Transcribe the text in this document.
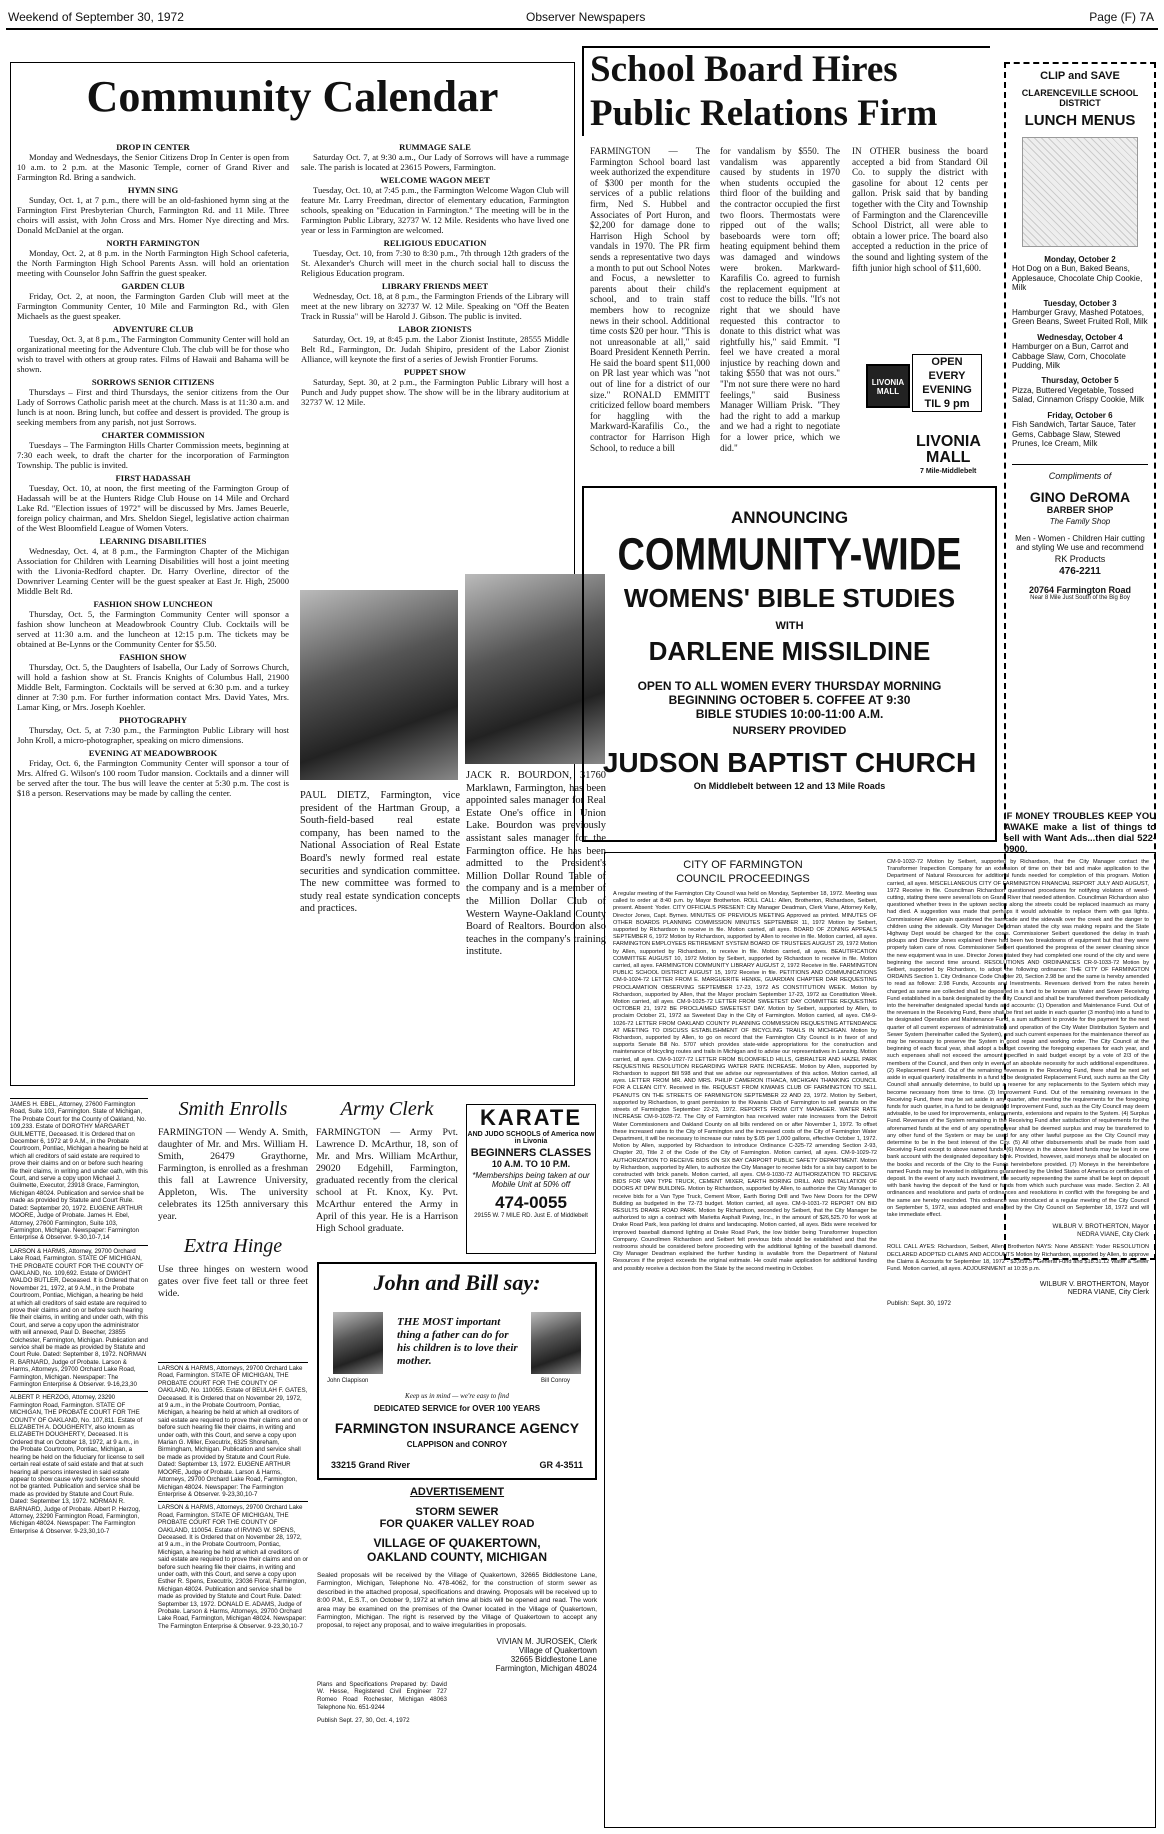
Weekend of September 30, 1972	Observer Newspapers	Page (F) 7A
Community Calendar
DROP IN CENTER

Monday and Wednesdays, the Senior Citizens Drop In Center is open from 10 a.m. to 2 p.m. at the Masonic Temple, corner of Grand River and Farmington Rd. Bring a sandwich.

HYMN SING

Sunday, Oct. 1, at 7 p.m., there will be an old-fashioned hymn sing at the Farmington First Presbyterian Church, Farmington Rd. and 11 Mile. Three choirs will assist, with John Cross and Mrs. Homer Nye directing and Mrs. Donald McDaniel at the organ.

NORTH FARMINGTON

Monday, Oct. 2, at 8 p.m. in the North Farmington High School cafeteria, the North Farmington High School Parents Assn. will hold an orientation meeting with Counselor John Saffrin the guest speaker.

GARDEN CLUB

Friday, Oct. 2, at noon, the Farmington Garden Club will meet at the Farmington Community Center, 10 Mile and Farmington Rd., with Glen Michaels as the guest speaker.

ADVENTURE CLUB

Tuesday, Oct. 3, at 8 p.m., The Farmington Community Center will hold an organizational meeting for the Adventure Club. The club will be for those who wish to travel with others at group rates. Films of Hawaii and Bahama will be shown.

SORROWS SENIOR CITIZENS

Thursdays – First and third Thursdays, the senior citizens from the Our Lady of Sorrows Catholic parish meet at the church. Mass is at 11:30 a.m. and lunch is at noon. Bring lunch, but coffee and dessert is provided. The group is seeking members from any parish, not just Sorrows.

CHARTER COMMISSION

Tuesdays – The Farmington Hills Charter Commission meets, beginning at 7:30 each week, to draft the charter for the incorporation of Farmington Township. The public is invited.

FIRST HADASSAH

Tuesday, Oct. 10, at noon, the first meeting of the Farmington Group of Hadassah will be at the Hunters Ridge Club House on 14 Mile and Orchard Lake Rd. "Election issues of 1972" will be discussed by Mrs. James Beuerle, foreign policy chairman, and Mrs. Sheldon Siegel, legislative action chairman of the West Bloomfield League of Women Voters.

LEARNING DISABILITIES

Wednesday, Oct. 4, at 8 p.m., the Farmington Chapter of the Michigan Association for Children with Learning Disabilities will host a joint meeting with the Livonia-Redford chapter. Dr. Harry Overline, director of the Downriver Learning Center will be the guest speaker at East Jr. High, 25000 Middle Belt Rd.

FASHION SHOW LUNCHEON

Thursday, Oct. 5, the Farmington Community Center will sponsor a fashion show luncheon at Meadowbrook Country Club. Cocktails will be served at 11:30 a.m. and the luncheon at 12:15 p.m. The tickets may be obtained at Be-Lynns or the Community Center for $5.50.

FASHION SHOW

Thursday, Oct. 5, the Daughters of Isabella, Our Lady of Sorrows Church, will hold a fashion show at St. Francis Knights of Columbus Hall, 21900 Middle Belt, Farmington. Cocktails will be served at 6:30 p.m. and a turkey dinner at 7:30 p.m. For further information contact Mrs. David Yates, Mrs. Lamar King, or Mrs. Joseph Koehler.

PHOTOGRAPHY

Thursday, Oct. 5, at 7:30 p.m., the Farmington Public Library will host John Kroll, a micro-photographer, speaking on micro dimensions.

EVENING AT MEADOWBROOK

Friday, Oct. 6, the Farmington Community Center will sponsor a tour of Mrs. Alfred G. Wilson's 100 room Tudor mansion. Cocktails and a dinner will be served after the tour. The bus will leave the center at 5:30 p.m. The cost is $18 a person. Reservations may be made by calling the center.

RUMMAGE SALE

Saturday Oct. 7, at 9:30 a.m., Our Lady of Sorrows will have a rummage sale. The parish is located at 23615 Powers, Farmington.

WELCOME WAGON MEET

Tuesday, Oct. 10, at 7:45 p.m., the Farmington Welcome Wagon Club will feature Mr. Larry Freedman, director of elementary education, Farmington schools, speaking on "Education in Farmington." The meeting will be in the Farmington Public Library, 32737 W. 12 Mile. Residents who have lived one year or less in Farmington are welcomed.

RELIGIOUS EDUCATION

Tuesday, Oct. 10, from 7:30 to 8:30 p.m., 7th through 12th graders of the St. Alexander's Church will meet in the church social hall to discuss the Religious Education program.

LIBRARY FRIENDS MEET

Wednesday, Oct. 18, at 8 p.m., the Farmington Friends of the Library will meet at the new library on 32737 W. 12 Mile. Speaking on "Off the Beaten Track in Russia" will be Harold J. Gibson. The public is invited.

LABOR ZIONISTS

Saturday, Oct. 19, at 8:45 p.m. the Labor Zionist Institute, 28555 Middle Belt Rd., Farmington, Dr. Judah Shipiro, president of the Labor Zionist Alliance, will keynote the first of a series of Jewish Frontier Forums.

PUPPET SHOW

Saturday, Sept. 30, at 2 p.m., the Farmington Public Library will host a Punch and Judy puppet show. The show will be in the library auditorium at 32737 W. 12 Mile.

PAUL DIETZ, Farmington, vice president of the Hartman Group, a South-field-based real estate company, has been named to the National Association of Real Estate Board's newly formed real estate securities and syndication committee. The new committee was formed to study real estate syndication concepts and practices.
JACK R. BOURDON, 31760 Marklawn, Farmington, has been appointed sales manager for Real Estate One's office in Union Lake. Bourdon was previously assistant sales manager for the Farmington office. He has been admitted to the President's Million Dollar Round Table of the company and is a member of the Million Dollar Club of Western Wayne-Oakland County Board of Realtors. Bourdon also teaches in the company's training institute.
School Board Hires
Public Relations Firm
FARMINGTON — The Farmington School board last week authorized the expenditure of $300 per month for the services of a public relations firm, Ned S. Hubbel and Associates of Port Huron, and $2,200 for damage done to Harrison High School by vandals in 1970. The PR firm sends a representative two days a month to put out School Notes and Focus, a newsletter to parents about their child's school, and to train staff members how to recognize news in their school. Additional time costs $20 per hour. "This is not unreasonable at all," said Board President Kenneth Perrin. He said the board spent $11,000 on PR last year which was "not out of line for a district of our size." RONALD EMMITT criticized fellow board members for haggling with the Markward-Karafilis Co., the contractor for Harrison High School, to reduce a bill
for vandalism by $550. The vandalism was apparently caused by students in 1970 when students occupied the third floor of the building and the contractor occupied the first two floors. Thermostats were ripped out of the walls; baseboards were torn off; heating equipment behind them was damaged and windows were broken. Markward-Karafilis Co. agreed to furnish the replacement equipment at cost to reduce the bills. "It's not right that we should have requested this contractor to donate to this district what was rightfully his," said Emmit. "I feel we have created a moral injustice by reaching down and taking $550 that was not ours." "I'm not sure there were no hard feelings," said Business Manager William Prisk. "They had the right to add a markup and we had a right to negotiate for a lower price, which we did."
IN OTHER business the board accepted a bid from Standard Oil Co. to supply the district with gasoline for about 12 cents per gallon. Prisk said that by banding together with the City and Township of Farmington and the Clarenceville School District, all were able to obtain a lower price. The board also accepted a reduction in the price of the sound and lighting system of the fifth junior high school of $11,600.
OPEN
EVERY
EVENING
TIL 9 pm
LIVONIA MALL
LIVONIA
MALL
7 Mile-Middlebelt
CLIP and SAVE
CLARENCEVILLE SCHOOL DISTRICT
LUNCH MENUS
Monday, October 2
Hot Dog on a Bun, Baked Beans, Applesauce, Chocolate Chip Cookie, Milk
Tuesday, October 3
Hamburger Gravy, Mashed Potatoes, Green Beans, Sweet Fruited Roll, Milk
Wednesday, October 4
Hamburger on a Bun, Carrot and Cabbage Slaw, Corn, Chocolate Pudding, Milk
Thursday, October 5
Pizza, Buttered Vegetable, Tossed Salad, Cinnamon Crispy Cookie, Milk
Friday, October 6
Fish Sandwich, Tartar Sauce, Tater Gems, Cabbage Slaw, Stewed Prunes, Ice Cream, Milk
Compliments of
GINO DeROMA
BARBER SHOP
The Family Shop
Men - Women - Children Hair cutting and styling We use and recommend
RK Products
476-2211
20764 Farmington Road
Near 8 Mile Just South of the Big Boy
IF MONEY TROUBLES KEEP YOU AWAKE make a list of things to sell with Want Ads...then dial 522-0900.
ANNOUNCING
COMMUNITY-WIDE
WOMENS' BIBLE STUDIES
WITH
DARLENE MISSILDINE
OPEN TO ALL WOMEN EVERY THURSDAY MORNING
BEGINNING OCTOBER 5. COFFEE AT 9:30
BIBLE STUDIES 10:00-11:00 A.M.
NURSERY PROVIDED
JUDSON BAPTIST CHURCH
On Middlebelt between 12 and 13 Mile Roads

JAMES H. EBEL, Attorney, 27600 Farmington Road, Suite 103, Farmington. State of Michigan, The Probate Court for the County of Oakland, No. 109,233. Estate of DOROTHY MARGARET GUILMETTE, Deceased. It is Ordered that on December 6, 1972 at 9 A.M., in the Probate Courtroom, Pontiac, Michigan a hearing be held at which all creditors of said estate are required to prove their claims and on or before such hearing file their claims, in writing and under oath, with this Court, and serve a copy upon Michael J. Guilmette, Executor, 23918 Grace, Farmington, Michigan 48024. Publication and service shall be made as provided by Statute and Court Rule. Dated: September 20, 1972. EUGENE ARTHUR MOORE, Judge of Probate. James H. Ebel, Attorney, 27600 Farmington, Suite 103, Farmington, Michigan. Newspaper: Farmington Enterprise & Observer. 9-30,10-7,14

LARSON & HARMS, Attorney, 29700 Orchard Lake Road, Farmington. STATE OF MICHIGAN, THE PROBATE COURT FOR THE COUNTY OF OAKLAND, No. 109,692. Estate of DWIGHT WALDO BUTLER, Deceased. It is Ordered that on November 21, 1972, at 9 A.M., in the Probate Courtroom, Pontiac, Michigan, a hearing be held at which all creditors of said estate are required to prove their claims and on or before such hearing file their claims, in writing and under oath, with this Court, and serve a copy upon the administrator with will annexed, Paul D. Beecher, 23855 Colchester, Farmington, Michigan. Publication and service shall be made as provided by Statute and Court Rule. Dated: September 8, 1972. NORMAN R. BARNARD, Judge of Probate. Larson & Harms, Attorneys, 29700 Orchard Lake Road, Farmington, Michigan. Newspaper: The Farmington Enterprise & Observer. 9-16,23,30

ALBERT P. HERZOG, Attorney, 23290 Farmington Road, Farmington. STATE OF MICHIGAN, THE PROBATE COURT FOR THE COUNTY OF OAKLAND, No. 107,811. Estate of ELIZABETH A. DOUGHERTY, also known as ELIZABETH DOUGHERTY, Deceased. It is Ordered that on October 18, 1972, at 9 a.m., in the Probate Courtroom, Pontiac, Michigan, a hearing be held on the fiduciary for license to sell certain real estate of said estate and that at such hearing all persons interested in said estate appear to show cause why such license should not be granted. Publication and service shall be made as provided by Statute and Court Rule. Dated: September 13, 1972. NORMAN R. BARNARD, Judge of Probate. Albert P. Herzog, Attorney, 23290 Farmington Road, Farmington, Michigan 48024. Newspaper: The Farmington Enterprise & Observer. 9-23,30,10-7

Smith Enrolls
FARMINGTON — Wendy A. Smith, daughter of Mr. and Mrs. William H. Smith, 26479 Graythorne, Farmington, is enrolled as a freshman this fall at Lawrence University, Appleton, Wis. The university celebrates its 125th anniversary this year.
Extra Hinge
Use three hinges on western wood gates over five feet tall or three feet wide.

LARSON & HARMS, Attorneys, 29700 Orchard Lake Road, Farmington. STATE OF MICHIGAN, THE PROBATE COURT FOR THE COUNTY OF OAKLAND, No. 110055. Estate of BEULAH F. GATES, Deceased. It is Ordered that on November 29, 1972, at 9 a.m., in the Probate Courtroom, Pontiac, Michigan, a hearing be held at which all creditors of said estate are required to prove their claims and on or before such hearing file their claims, in writing and under oath, with this Court, and serve a copy upon Marian G. Miller, Executrix, 6325 Shoreham, Birmingham, Michigan. Publication and service shall be made as provided by Statute and Court Rule. Dated: September 13, 1972. EUGENE ARTHUR MOORE, Judge of Probate. Larson & Harms, Attorneys, 29700 Orchard Lake Road, Farmington, Michigan 48024. Newspaper: The Farmington Enterprise & Observer. 9-23,30,10-7

LARSON & HARMS, Attorneys, 29700 Orchard Lake Road, Farmington. STATE OF MICHIGAN, THE PROBATE COURT FOR THE COUNTY OF OAKLAND, 110054. Estate of IRVING W. SPENS, Deceased. It is Ordered that on November 28, 1972, at 9 a.m., in the Probate Courtroom, Pontiac, Michigan, a hearing be held at which all creditors of said estate are required to prove their claims and on or before such hearing file their claims, in writing and under oath, with this Court, and serve a copy upon Esther R. Spens, Executrix, 23036 Floral, Farmington, Michigan 48024. Publication and service shall be made as provided by Statute and Court Rule. Dated: September 13, 1972. DONALD E. ADAMS, Judge of Probate. Larson & Harms, Attorneys, 29700 Orchard Lake Road, Farmington, Michigan 48024. Newspaper: The Farmington Enterprise & Observer. 9-23,30,10-7

Army Clerk
FARMINGTON — Army Pvt. Lawrence D. McArthur, 18, son of Mr. and Mrs. William McArthur, 29020 Edgehill, Farmington, graduated recently from the clerical school at Ft. Knox, Ky. Pvt. McArthur entered the Army in April of this year. He is a Harrison High School graduate.
KARATE
AND JUDO SCHOOLS of America now in Livonia
BEGINNERS CLASSES
10 A.M. TO 10 P.M.
*Memberships being taken at our Mobile Unit at 50% off
474-0055
29155 W. 7 MILE RD. Just E. of Middlebelt
John and Bill say:
THE MOST important thing a father can do for his children is to love their mother.
John Clappison	Bill Conroy
Keep us in mind — we're easy to find
DEDICATED SERVICE for OVER 100 YEARS
FARMINGTON INSURANCE AGENCY
CLAPPISON and CONROY
33215 Grand River	GR 4-3511
ADVERTISEMENT
STORM SEWER
FOR QUAKER VALLEY ROAD
VILLAGE OF QUAKERTOWN,
OAKLAND COUNTY, MICHIGAN
Sealed proposals will be received by the Village of Quakertown, 32665 Biddlestone Lane, Farmington, Michigan, Telephone No. 478-4062, for the construction of storm sewer as described in the attached proposal, specifications and drawing. Proposals will be received up to 8:00 P.M., E.S.T., on October 9, 1972 at which time all bids will be opened and read. The work area may be examined on the premises of the Owner located in the Village of Quakertown, Farmington, Michigan. The right is reserved by the Village of Quakertown to accept any proposal, to reject any proposal, and to waive irregularities in proposals.
VIVIAN M. JUROSEK, Clerk
Village of Quakertown
32665 Biddlestone Lane
Farmington, Michigan 48024
Plans and Specifications Prepared by: David W. Hesse, Registered Civil Engineer 727 Romeo Road Rochester, Michigan 48063 Telephone No. 651-9244
Publish Sept. 27, 30, Oct. 4, 1972
CITY OF FARMINGTON
COUNCIL PROCEEDINGS
A regular meeting of the Farmington City Council was held on Monday, September 18, 1972. Meeting was called to order at 8:40 p.m. by Mayor Brotherton. ROLL CALL: Allen, Brotherton, Richardson, Seibert, present. Absent: Yoder. CITY OFFICIALS PRESENT: City Manager Deadman, Clerk Viane, Attorney Kelly, Director Jones, Capt. Byrnes. MINUTES OF PREVIOUS MEETING Approved as printed. MINUTES OF OTHER BOARDS PLANNING COMMISSION MINUTES SEPTEMBER 11, 1972 Motion by Seibert, supported by Richardson to receive in file. Motion carried, all ayes. BOARD OF ZONING APPEALS SEPTEMBER 6, 1972 Motion by Richardson, supported by Allen to receive in file. Motion carried, all ayes. FARMINGTON EMPLOYEES RETIREMENT SYSTEM BOARD OF TRUSTEES AUGUST 29, 1972 Motion by Allen, supported by Richardson, to receive in file. Motion carried, all ayes. BEAUTIFICATION COMMITTEE AUGUST 10, 1972 Motion by Seibert, supported by Richardson to receive in file. Motion carried, all ayes. FARMINGTON COMMUNITY LIBRARY AUGUST 2, 1972 Receive in file. FARMINGTON PUBLIC SCHOOL DISTRICT AUGUST 15, 1972 Receive in file. PETITIONS AND COMMUNICATIONS CM-9-1024-72 LETTER FROM E. MARGUERITE HENKE, GUARDIAN CHAPTER DAR REQUESTING PROCLAMATION OBSERVING SEPTEMBER 17-23, 1972 AS CONSTITUTION WEEK. Motion by Richardson, supported by Allen, that the Mayor proclaim September 17-23, 1972 as Constitution Week. Motion carried, all ayes. CM-9-1025-72 LETTER FROM SWEETEST DAY COMMITTEE REQUESTING OCTOBER 21, 1972 BE PROCLAIMED SWEETEST DAY. Motion by Seibert, supported by Allen, to proclaim October 21, 1972 as Sweetest Day in the City of Farmington. Motion carried, all ayes. CM-9-1026-72 LETTER FROM OAKLAND COUNTY PLANNING COMMISSION REQUESTING ATTENDANCE AT MEETING TO DISCUSS ESTABLISHMENT OF BICYCLING TRAILS IN MICHIGAN. Motion by Richardson, supported by Allen, to go on record that the Farmington City Council is in favor of and supports Senate Bill No. 5707 which provides state-wide appropriations for the construction and maintenance of bicycling routes and trails in Michigan and to advise our representatives in Lansing. Motion carried, all ayes. CM-9-1027-72 LETTER FROM BLOOMFIELD HILLS, GIBRALTER AND HAZEL PARK REQUESTING RESOLUTION REGARDING WATER RATE INCREASE. Motion by Allen, supported by Richardson to support Bill 598 and that we advise our representatives of this action. Motion carried, all ayes. LETTER FROM MR. AND MRS. PHILIP CAMERON ITHACA, MICHIGAN THANKING COUNCIL FOR A CLEAN CITY. Received in file. REQUEST FROM KIWANIS CLUB OF FARMINGTON TO SELL PEANUTS ON THE STREETS OF FARMINGTON SEPTEMBER 22 AND 23, 1972. Motion by Seibert, supported by Richardson, to grant permission to the Kiwanis Club of Farmington to sell peanuts on the streets of Farmington September 22-23, 1972. REPORTS FROM CITY MANAGER. WATER RATE INCREASE CM-9-1028-72. The City of Farmington has received water rate increases from the Detroit Water Commissioners and Oakland County on all bills rendered on or after November 1, 1972. To offset these increased rates to the City of Farmington and the increased costs of the City of Farmington Water Department, it will be necessary to increase our rates by $.05 per 1,000 gallons, effective October 1, 1972. Motion by Allen, supported by Richardson to introduce Ordinance C-325-72 amending Section 2-93, Chapter 20, Title 2 of the Code of the City of Farmington. Motion carried, all ayes. CM-9-1029-72 AUTHORIZATION TO RECEIVE BIDS ON SIX BAY CARPORT PUBLIC SAFETY DEPARTMENT. Motion by Richardson, supported by Allen, to authorize the City Manager to receive bids for a six bay carport to be constructed with brick panels. Motion carried, all ayes. CM-9-1030-72 AUTHORIZATION TO RECEIVE BIDS FOR VAN TYPE TRUCK, CEMENT MIXER, EARTH BORING DRILL AND INSTALLATION OF DOORS AT DPW BUILDING. Motion by Richardson, supported by Allen, to authorize the City Manager to receive bids for a Van Type Truck, Cement Mixer, Earth Boring Drill and Two New Doors for the DPW Building as budgeted in the 72-73 budget. Motion carried, all ayes. CM-9-1031-72 REPORT ON BID RESULTS DRAKE ROAD PARK. Motion by Richardson, seconded by Seibert, that the City Manager be authorized to sign a contract with Marietta Asphalt Paving, Inc., in the amount of $26,525.70 for work at Drake Road Park, less parking lot drains and landscaping. Motion carried, all ayes. Bids were received for improved baseball diamond lighting at Drake Road Park, the low bidder being Transformer Inspection Company. Councilmen Richardson and Seibert felt previous bids should be established and that the restrooms should be considered before proceeding with the additional lighting of the baseball diamond. City Manager Deadman explained the further funding is available from the Department of Natural Resources if the project exceeds the original estimate. He could make application for additional funding and possibly receive a decision from the State by the second meeting in October.
CM-9-1032-72 Motion by Seibert, supported by Richardson, that the City Manager contact the Transformer Inspection Company for an extension of time on their bid and make application to the Department of Natural Resources for additional funds needed for completion of this program. Motion carried, all ayes. MISCELLANEOUS CITY OF FARMINGTON FINANCIAL REPORT JULY AND AUGUST, 1972 Receive in file. Councilman Richardson questioned procedures for notifying violators of weed-cutting, stating there were several lots on Grand River that needed attention. Councilman Richardson also questioned whether trees in the uptown section along the streets could be replaced inasmuch as many had died. A suggestion was made that perhaps it would advisable to replace them with gas lights. Commissioner Allen again questioned the barricade and the sidewalk over the creek and the danger to children using the sidewalk. City Manager Deadman stated the city was making repairs and the State Highway Dept would be charged for the costs. Commissioner Seibert questioned the delay in trash pickups and Director Jones explained there had been two breakdowns of equipment but that they were properly taken care of now. Commissioner Seibert questioned the progress of the sewer cleaning since the new equipment was in use. Director Jones stated they had completed one round of the city and were beginning the second time around. RESOLUTIONS AND ORDINANCES CR-9-1033-72 Motion by Seibert, supported by Richardson, to adopt the following ordinance: THE CITY OF FARMINGTON ORDAINS Section 1. City Ordinance Code Chapter 20, Section 2.98 be and the same is hereby amended to read as follows: 2.98 Funds, Accounts and Investments. Revenues derived from the rates herein charged as same are collected shall be deposited in a fund to be known as Water and Sewer Receiving Fund established in a bank designated by the City Council and shall be transferred therefrom periodically into the hereinafter designated special funds and accounts: (1) Operation and Maintenance Fund. Out of the revenues in the Receiving Fund, there shall be first set aside in each quarter (3 months) into a fund to be designated Operation and Maintenance Fund, a sum sufficient to provide for the payment for the next quarter of all current expenses of administration and operation of the City Water Distribution System and Sewer System (hereinafter called the System), and such current expenses for the maintenance thereof as may be necessary to preserve the System in good repair and working order. The City Council at the beginning of each fiscal year, shall adopt a budget covering the foregoing expenses for each year, and such expenses shall not exceed the amount specified in said budget except by a vote of 2/3 of the members of the Council, and then only in event of an absolute necessity for such additional expenditures. (2) Replacement Fund. Out of the remaining revenues in the Receiving Fund, there shall be next set aside in equal quarterly installments in a fund to be designated Replacement Fund, such sums as the City Council shall annually determine, to build up a reserve for any replacements to the System which may become necessary from time to time. (3) Improvement Fund. Out of the remaining revenues in the Receiving Fund, there may be set aside in any quarter, after meeting the requirements for the foregoing funds for such quarter, in a fund to be designated Improvement Fund, such as the City Council may deem advisable, to be used for improvements, enlargements, extensions and repairs to the System. (4) Surplus Fund. Revenues of the System remaining in the Receiving Fund after satisfaction of requirements for the aforenamed funds at the end of any operating year shall be deemed surplus and may be transferred to any other fund of the System or may be used for any other lawful purpose as the City Council may determine to be in the best interest of the City. (5) All other disbursements shall be made from said Receiving Fund except to above named funds. (6) Moneys in the above listed funds may be kept in one bank account with the designated depositary bank. Provided, however, said moneys shall be allocated on the books and records of the City to the Funds hereinbefore provided. (7) Moneys in the hereinbefore named Funds may be invested in obligations guaranteed by the United States of America or certificates of deposit. In the event of any such investment, the security representing the same shall be kept on deposit with bank having the deposit of the fund or funds from which such purchase was made. Section 2. All ordinances and resolutions and parts of ordinances and resolutions in conflict with the foregoing be and the same are hereby rescinded. This ordinance was introduced at a regular meeting of the City Council on September 5, 1972, was adopted and enacted by the City Council on September 18, 1972 and will take immediate effect.
WILBUR V. BROTHERTON, Mayor
NEDRA VIANE, City Clerk
ROLL CALL AYES: Richardson, Seibert, Allen, Brotherton NAYS: None ABSENT: Yoder RESOLUTION DECLARED ADOPTED CLAIMS AND ACCOUNTS Motion by Richardson, supported by Allen, to approve the Claims & Accounts for September 18, 1972 - $3,959.57 General Fund and $18.31.12 Water & Sewer Fund. Motion carried, all ayes. ADJOURNMENT at 10:35 p.m.
WILBUR V. BROTHERTON, Mayor
NEDRA VIANE, City Clerk
Publish: Sept. 30, 1972
